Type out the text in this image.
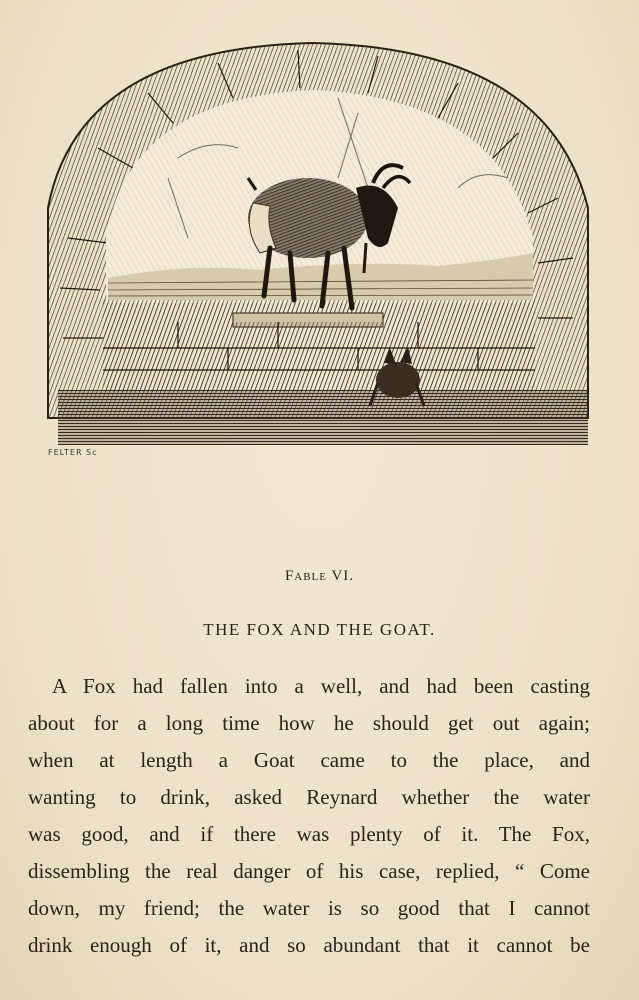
FELTER Sc
Fable VI.
THE FOX AND THE GOAT.
A Fox had fallen into a well, and had been casting
about for a long time how he should get out again;
when at length a Goat came to the place, and
wanting to drink, asked Reynard whether the water
was good, and if there was plenty of it. The Fox,
dissembling the real danger of his case, replied, “ Come
down, my friend; the water is so good that I cannot
drink enough of it, and so abundant that it cannot be
